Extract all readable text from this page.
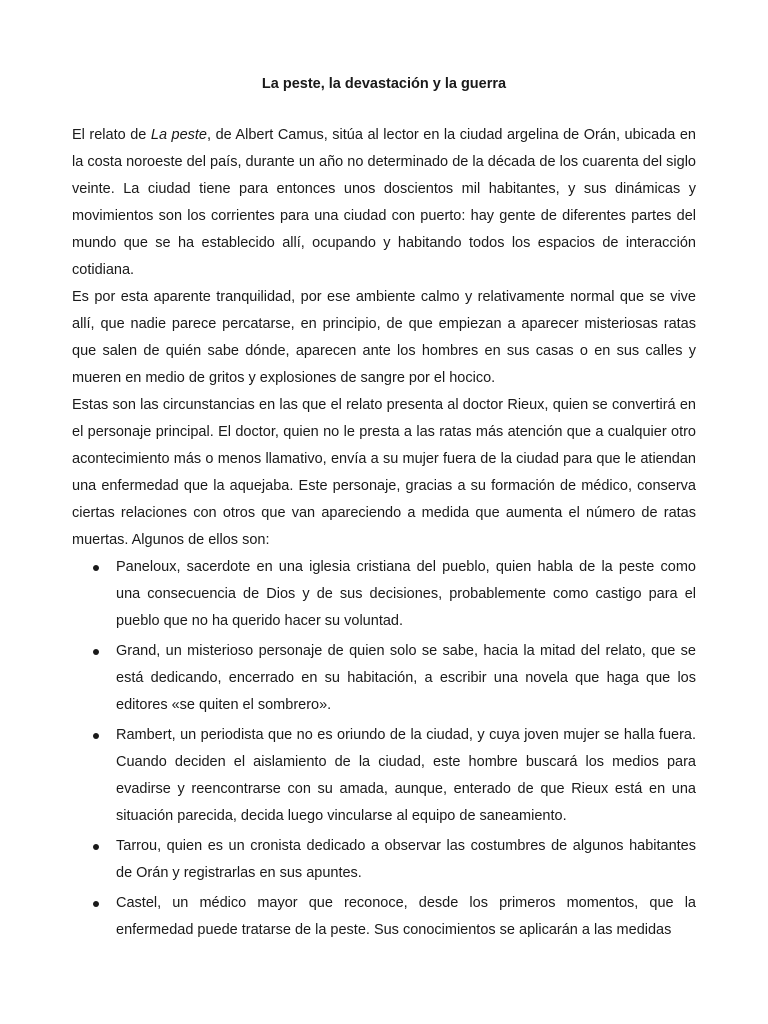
La peste, la devastación y la guerra

El relato de La peste, de Albert Camus, sitúa al lector en la ciudad argelina de Orán, ubicada en la costa noroeste del país, durante un año no determinado de la década de los cuarenta del siglo veinte. La ciudad tiene para entonces unos doscientos mil habitantes, y sus dinámicas y movimientos son los corrientes para una ciudad con puerto: hay gente de diferentes partes del mundo que se ha establecido allí, ocupando y habitando todos los espacios de interacción cotidiana.

Es por esta aparente tranquilidad, por ese ambiente calmo y relativamente normal que se vive allí, que nadie parece percatarse, en principio, de que empiezan a aparecer misteriosas ratas que salen de quién sabe dónde, aparecen ante los hombres en sus casas o en sus calles y mueren en medio de gritos y explosiones de sangre por el hocico.

Estas son las circunstancias en las que el relato presenta al doctor Rieux, quien se convertirá en el personaje principal. El doctor, quien no le presta a las ratas más atención que a cualquier otro acontecimiento más o menos llamativo, envía a su mujer fuera de la ciudad para que le atiendan una enfermedad que la aquejaba. Este personaje, gracias a su formación de médico, conserva ciertas relaciones con otros que van apareciendo a medida que aumenta el número de ratas muertas. Algunos de ellos son:

Paneloux, sacerdote en una iglesia cristiana del pueblo, quien habla de la peste como una consecuencia de Dios y de sus decisiones, probablemente como castigo para el pueblo que no ha querido hacer su voluntad.
Grand, un misterioso personaje de quien solo se sabe, hacia la mitad del relato, que se está dedicando, encerrado en su habitación, a escribir una novela que haga que los editores «se quiten el sombrero».
Rambert, un periodista que no es oriundo de la ciudad, y cuya joven mujer se halla fuera. Cuando deciden el aislamiento de la ciudad, este hombre buscará los medios para evadirse y reencontrarse con su amada, aunque, enterado de que Rieux está en una situación parecida, decida luego vincularse al equipo de saneamiento.
Tarrou, quien es un cronista dedicado a observar las costumbres de algunos habitantes de Orán y registrarlas en sus apuntes.
Castel, un médico mayor que reconoce, desde los primeros momentos, que la enfermedad puede tratarse de la peste. Sus conocimientos se aplicarán a las medidas
